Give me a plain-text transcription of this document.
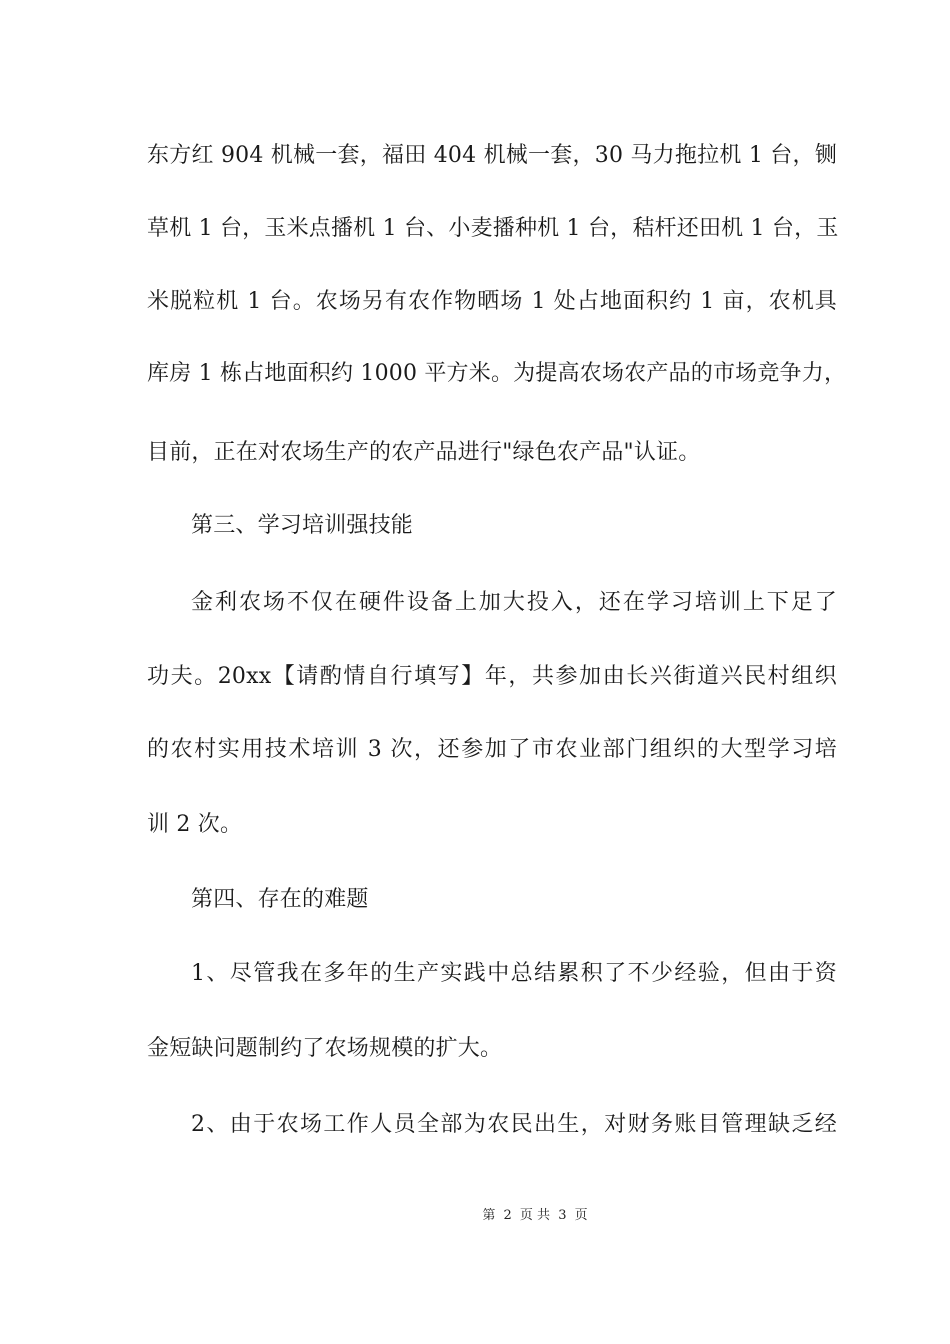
东方红 904 机械一套，福田 404 机械一套，30 马力拖拉机 1 台，铡
草机 1 台，玉米点播机 1 台、小麦播种机 1 台，秸杆还田机 1 台，玉
米脱粒机 1 台。农场另有农作物晒场 1 处占地面积约 1 亩，农机具
库房 1 栋占地面积约 1000 平方米。为提高农场农产品的市场竞争力，
目前，正在对农场生产的农产品进行"绿色农产品"认证。
第三、学习培训强技能
金利农场不仅在硬件设备上加大投入，还在学习培训上下足了
功夫。20xx【请酌情自行填写】年，共参加由长兴街道兴民村组织
的农村实用技术培训 3 次，还参加了市农业部门组织的大型学习培
训 2 次。
第四、存在的难题
1、尽管我在多年的生产实践中总结累积了不少经验，但由于资
金短缺问题制约了农场规模的扩大。
2、由于农场工作人员全部为农民出生，对财务账目管理缺乏经
第 2 页 共 3 页
